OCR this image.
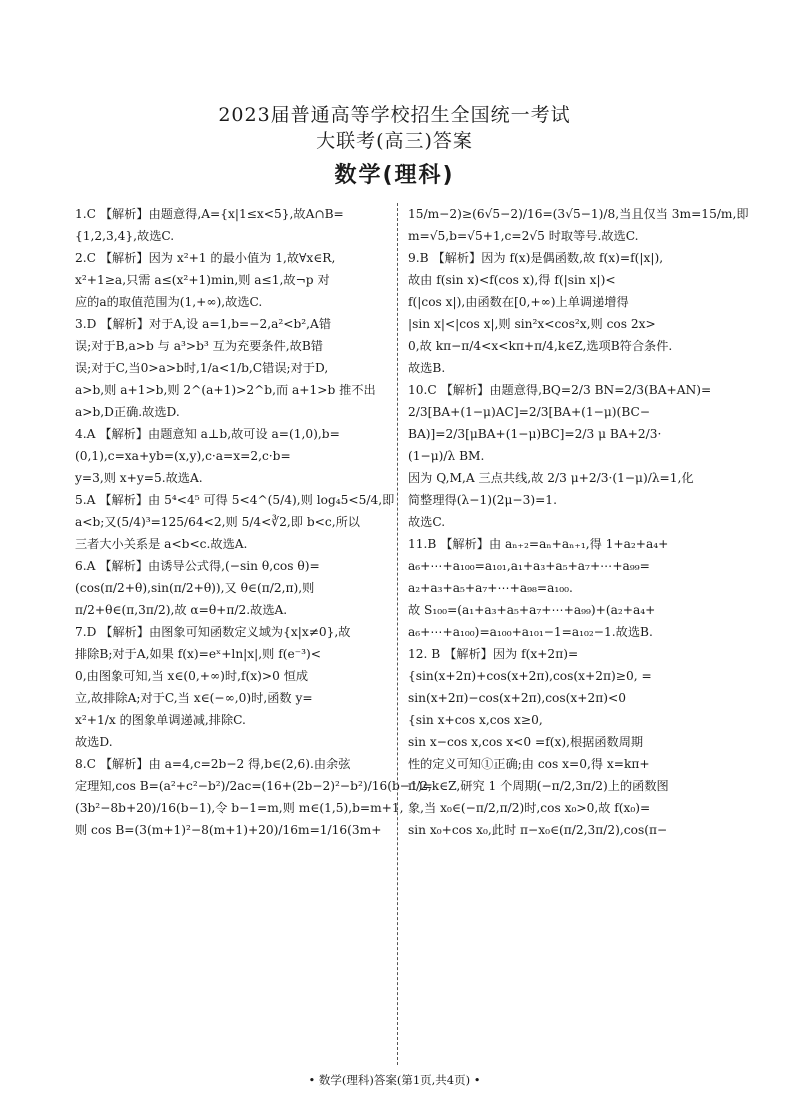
2023届普通高等学校招生全国统一考试
大联考(高三)答案
数学(理科)
1.C 【解析】由题意得,A={x|1≤x<5},故A∩B=
{1,2,3,4},故选C.
2.C 【解析】因为 x²+1 的最小值为 1,故∀x∈R,
x²+1≥a,只需 a≤(x²+1)min,则 a≤1,故¬p 对
应的a的取值范围为(1,+∞),故选C.
3.D 【解析】对于A,设 a=1,b=−2,a²<b²,A错
误;对于B,a>b 与 a³>b³ 互为充要条件,故B错
误;对于C,当0>a>b时,1/a<1/b,C错误;对于D,
a>b,则 a+1>b,则 2^(a+1)>2^b,而 a+1>b 推不出
a>b,D正确.故选D.
4.A 【解析】由题意知 a⊥b,故可设 a=(1,0),b=
(0,1),c=xa+yb=(x,y),c·a=x=2,c·b=
y=3,则 x+y=5.故选A.
5.A 【解析】由 5⁴<4⁵ 可得 5<4^(5/4),则 log₄5<5/4,即
a<b;又(5/4)³=125/64<2,则 5/4<∛2,即 b<c,所以
三者大小关系是 a<b<c.故选A.
6.A 【解析】由诱导公式得,(−sin θ,cos θ)=
(cos(π/2+θ),sin(π/2+θ)),又 θ∈(π/2,π),则
π/2+θ∈(π,3π/2),故 α=θ+π/2.故选A.
7.D 【解析】由图象可知函数定义域为{x|x≠0},故
排除B;对于A,如果 f(x)=eˣ+ln|x|,则 f(e⁻³)<
0,由图象可知,当 x∈(0,+∞)时,f(x)>0 恒成
立,故排除A;对于C,当 x∈(−∞,0)时,函数 y=
x²+1/x 的图象单调递减,排除C.
故选D.
8.C 【解析】由 a=4,c=2b−2 得,b∈(2,6).由余弦
定理知,cos B=(a²+c²−b²)/2ac=(16+(2b−2)²−b²)/16(b−1)=
(3b²−8b+20)/16(b−1),令 b−1=m,则 m∈(1,5),b=m+1,
则 cos B=(3(m+1)²−8(m+1)+20)/16m=1/16(3m+
15/m−2)≥(6√5−2)/16=(3√5−1)/8,当且仅当 3m=15/m,即
m=√5,b=√5+1,c=2√5 时取等号.故选C.
9.B 【解析】因为 f(x)是偶函数,故 f(x)=f(|x|),
故由 f(sin x)<f(cos x),得 f(|sin x|)<
f(|cos x|),由函数在[0,+∞)上单调递增得
|sin x|<|cos x|,则 sin²x<cos²x,则 cos 2x>
0,故 kπ−π/4<x<kπ+π/4,k∈Z,选项B符合条件.
故选B.
10.C 【解析】由题意得,BQ=2/3 BN=2/3(BA+AN)=
2/3[BA+(1−μ)AC]=2/3[BA+(1−μ)(BC−
BA)]=2/3[μBA+(1−μ)BC]=2/3 μ BA+2/3·
(1−μ)/λ BM.
因为 Q,M,A 三点共线,故 2/3 μ+2/3·(1−μ)/λ=1,化
简整理得(λ−1)(2μ−3)=1.
故选C.
11.B 【解析】由 aₙ₊₂=aₙ+aₙ₊₁,得 1+a₂+a₄+
a₆+⋯+a₁₀₀=a₁₀₁,a₁+a₃+a₅+a₇+⋯+a₉₉=
a₂+a₃+a₅+a₇+⋯+a₉₈=a₁₀₀.
故 S₁₀₀=(a₁+a₃+a₅+a₇+⋯+a₉₉)+(a₂+a₄+
a₆+⋯+a₁₀₀)=a₁₀₀+a₁₀₁−1=a₁₀₂−1.故选B.
12. B 【解析】因为 f(x+2π)=
{sin(x+2π)+cos(x+2π),cos(x+2π)≥0, =
sin(x+2π)−cos(x+2π),cos(x+2π)<0
{sin x+cos x,cos x≥0,
sin x−cos x,cos x<0 =f(x),根据函数周期
性的定义可知①正确;由 cos x=0,得 x=kπ+
π/2,k∈Z,研究 1 个周期(−π/2,3π/2)上的函数图
象,当 x₀∈(−π/2,π/2)时,cos x₀>0,故 f(x₀)=
sin x₀+cos x₀,此时 π−x₀∈(π/2,3π/2),cos(π−
• 数学(理科)答案(第1页,共4页) •
